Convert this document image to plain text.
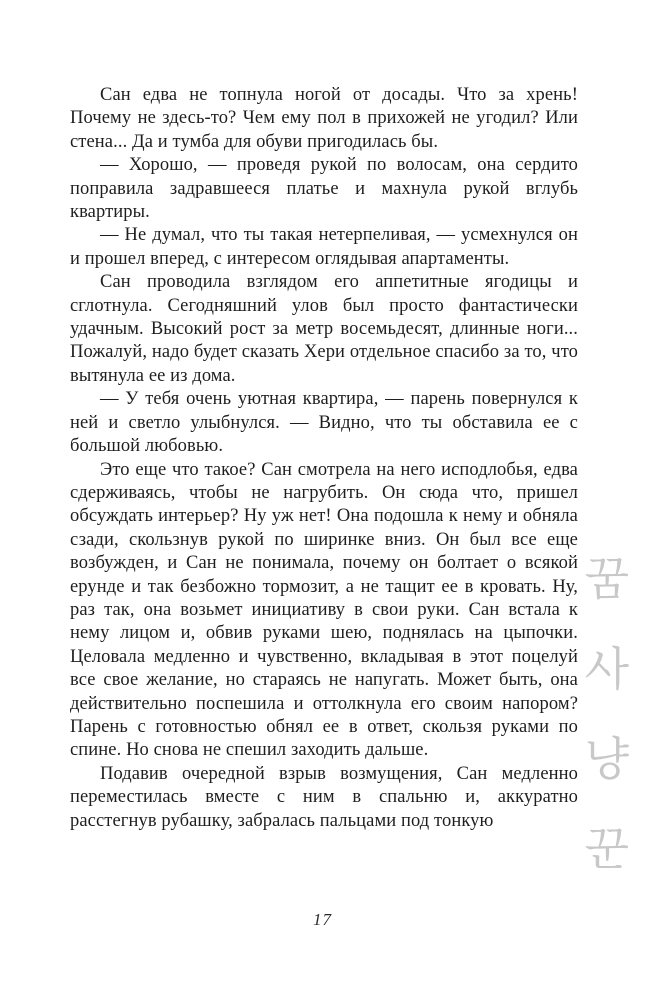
Сан едва не топнула ногой от досады. Что за хрень! Почему не здесь-то? Чем ему пол в прихожей не угодил? Или стена... Да и тумба для обуви пригодилась бы.

— Хорошо, — проведя рукой по волосам, она сердито поправила задравшееся платье и махнула рукой вглубь квартиры.

— Не думал, что ты такая нетерпеливая, — усмехнулся он и прошел вперед, с интересом оглядывая апартаменты.

Сан проводила взглядом его аппетитные ягодицы и сглотнула. Сегодняшний улов был просто фантастически удачным. Высокий рост за метр восемьдесят, длинные ноги... Пожалуй, надо будет сказать Хери отдельное спасибо за то, что вытянула ее из дома.

— У тебя очень уютная квартира, — парень повернулся к ней и светло улыбнулся. — Видно, что ты обставила ее с большой любовью.

Это еще что такое? Сан смотрела на него исподлобья, едва сдерживаясь, чтобы не нагрубить. Он сюда что, пришел обсуждать интерьер? Ну уж нет! Она подошла к нему и обняла сзади, скользнув рукой по ширинке вниз. Он был все еще возбужден, и Сан не понимала, почему он болтает о всякой ерунде и так безбожно тормозит, а не тащит ее в кровать. Ну, раз так, она возьмет инициативу в свои руки. Сан встала к нему лицом и, обвив руками шею, поднялась на цыпочки. Целовала медленно и чувственно, вкладывая в этот поцелуй все свое желание, но стараясь не напугать. Может быть, она действительно поспешила и оттолкнула его своим напором? Парень с готовностью обнял ее в ответ, скользя руками по спине. Но снова не спешил заходить дальше.

Подавив очередной взрыв возмущения, Сан медленно переместилась вместе с ним в спальню и, аккуратно расстегнув рубашку, забралась пальцами под тонкую

꿈
사
냥
꾼
17
